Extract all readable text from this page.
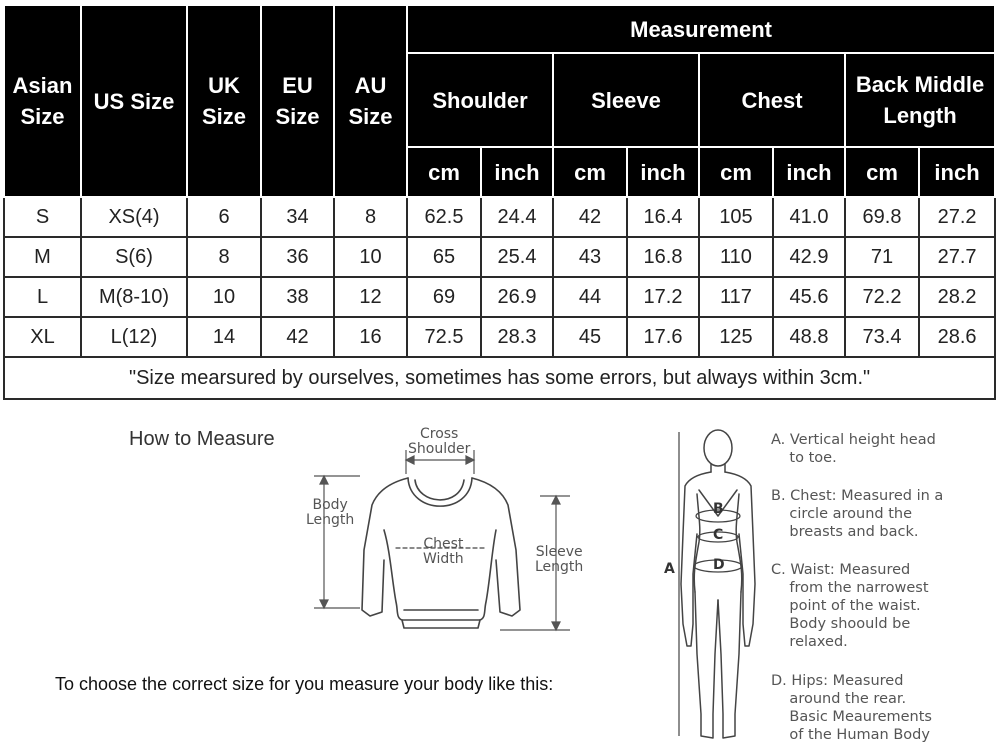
Asian Size	US Size	UK Size	EU Size	AU Size	Measurement							
					Shoulder		Sleeve		Chest		Back Middle Length	
					cm	inch	cm	inch	cm	inch	cm	inch
S	XS(4)	6	34	8	62.5	24.4	42	16.4	105	41.0	69.8	27.2
M	S(6)	8	36	10	65	25.4	43	16.8	110	42.9	71	27.7
L	M(8-10)	10	38	12	69	26.9	44	17.2	117	45.6	72.2	28.2
XL	L(12)	14	42	16	72.5	28.3	45	17.6	125	48.8	73.4	28.6
"Size mearsured by ourselves, sometimes has some errors, but always within 3cm."												
How to Measure	Cross
Shoulder
Body
Length
Chest
Width	Sleeve
Length
To choose the correct size for you measure your body like this:
A
B
C
D
A. Vertical height head
to toe.
B. Chest: Measured in a
circle around the
breasts and back.
C. Waist: Measured
from the narrowest
point of the waist.
Body shoould be
relaxed.
D. Hips: Measured
around the rear.
Basic Meaurements
of the Human Body
